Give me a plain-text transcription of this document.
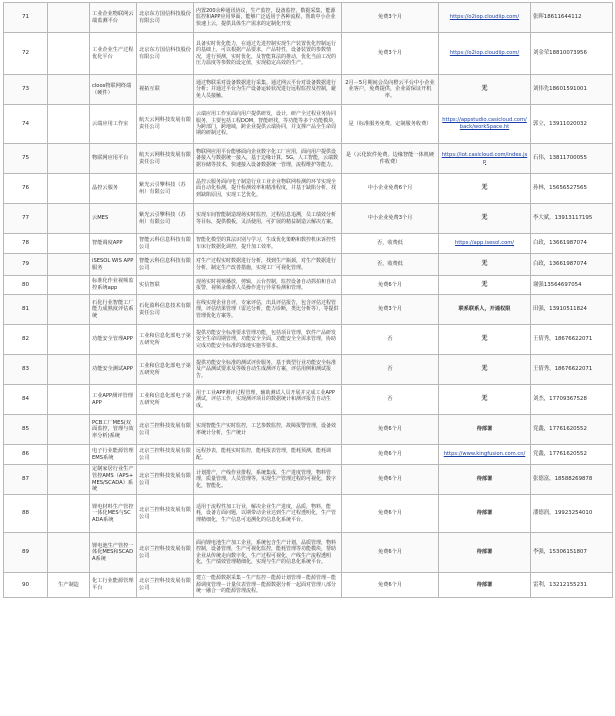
71		工业企业物联网云端监测平台	北京东方国信科技股份有限公司	内置200余种通讯协议，生产监控，设备监控，数据采集，能源监控和APP应用界面，能够广泛适用于各种流程，帮助中小企业快速上云，提供具体生产需求的定制化开发	免费3个月	https://o2iop.cloudiip.com/	张晖18611644112
72		工业企业生产过程优化平台	北京东方国信科技股份有限公司	具备实时优化能力，在通过先进控制实现生产装置优化控制运行的基础上，可以根据产品要求，产品特性，设备装置的参数情况，进行预测，实时优化，及智能算法的推动，优化当前工况的压力温度等参数的设定值，实现稳定高效的生产。	免费3个月	https://o2iop.cloudiip.com/	刘金荣18810073956
73		cloos物联网终端（硬件）	视拓互联	通过物联采对设备数据进行采集。通过网云平台对设备数据进行分析；并通过平台为生产设备运转状况进行远程监控及控制，避免人员接触。	2月－5月期间会员向橙云平台中小企业业客户，免费提供，企业需保证开机率。	无	刘伟先18601591001
74		云端应用工作室	航天云网科技发展有限责任公司	云端应用工作室面向用户提供研发，设计，研产全过程业务协同服务，主要包括工程DOM，智能研找，等功能等多个功能模块，为跨部门，跨地域，跨企业提供云端协同，并支撑产品全生命周期的研制过程。	是（标准服务免费，定制服务收费）	https://appstudio.casicloud.com/back/workSpace.ht	郭立，13911020032
75		物联网应用平台	航天云网科技发展有限责任公司	物联网应用平台能够面向企业数字化工厂应用，面向用户提供设备接入与数据统一接入，基于边缘计算，5G，人工智能，云端数据存储等技术，快速接入设备数据统一管理，流程维护等能力。	是（云化软件免费，边缘智能一体机硬件收费）	https://iot.casicloud.com/index.jsp	石伟，13811700055
76		晶控云服务	紫光云引擎科技（苏州）有限公司	晶控云服务面向电子制造行业工业企业物联网检测的环节实现全面自动化检测，提升检测效率和精准程度，并基于缺陷分析，找到缺陷原因，实现工艺优化。	中小企业免费6个月	无	孙林，15656527565
77		云MES	紫光云引擎科技（苏州）有限公司	实现车间智能制造现场实时监控，过程信息追溯，员工绩效分析等目标，提供模板，灵活使用，可扩展的精益制造云解决方案。	中小企业免费3个月	无	李大斌，13913117195
78		智能调度APP	智能云科信息科技有限公司	智能化模型的算法识别与学习，生成优化策略和数控机床诉控性车床行数据化调控，提升加工效率。	否，收费低	https://app.isesol.com/	白政，13661987074
79		iSESOL WIS APP服务	智能云科信息科技有限公司	对生产过程实时数据进行分析，找到生产瓶颈，对生产数据进行分析，制定生产改善措施，实现工厂可视化管理。	否，收费低	无	白政，13661987074
80		标准化作业视频监控系统app	实信智联	现场实时视频播放，剪辑，云台控制，监控设备自动抓拍和自动报警，视频录像供人员操作进行异常检测和管理。	免费6个月	无	谢强13564697054
81		石化行业智能工厂能力成熟度评估系统	石化盈科信息技术有限责任公司	在线实现企业自评，专家评估，出具评估报告，包含评估过程管理，评估结果管理（雷达分析，能力诊断，类比分析等），等提供管理优化方案等。	免费3个月	联系联系人，开通权限	田强，13910511824
82		功能安全管理APP	工业和信息化部电子第五研究所	提供功能安全标准要求管理功能，包括项目管理，软件产品研发安全生命周期管理，功能安全全面，功能安全全需求管理，协助完成功能安全标准的落地实施等要求。	否	无	王倩秀，18676622071
83		功能安全测试APP	工业和信息化部电子第五研究所	提供功能安全标准的测试评价服务，基于典型行业功能安全标准及产品测试要求及等级自动生成测评方案，评估用例和测试报告。	否	无	王倩秀，18676622071
84		工业APP测评管理APP	工业和信息化部电子第五研究所	用于工业APP测评过程管理，辅助测试人员开展并完成工业APP测试，评估工作，实现测评项目的数据统计和测评报告自动生成。	否	无	刘杰，17709367528
85		PCB工厂MES(双面监控，管理与效率分析)系统	北京兰控科技发展有限公司	实现智能生产实时监控，工艺参数监控，故障报警管理，设备效率统计分析，生产统计	免费6个月	待部署	党鑫，17761620552
86		电子行业能源管理EMS系统	北京兰控科技发展有限公司	远程抄表，能耗实时监控，能耗报表管理，能耗预测，能耗调配。	免费6个月	https://www.kingfusion.com.cn/	党鑫，17761620552
87		定制家居行业生产管控AMS（APS+MES/SCADA）系统	北京兰控科技发展有限公司	计划排产，产线作业排程，系统集成，生产进度管理，物料管理，质量管理，人员管理等，实现生产管理过程的可视化，数字化，智能化。	免费6个月	待部署	张德富，18588269878
88		锂电材料生产管控一体化MES与SCADA系统	北京兰控科技发展有限公司	适用于流程性加工行业，解决企业生产进度，品质，物料，能耗，设备方面问题，以期带动企业达到生产过程透明化，生产管理精细化，生产信息可追溯化的信息化系统平台。	免费6个月	待部署	潘德润，19923254010
89		锂电池生产管控一体化MES和SCADA系统	北京兰控科技发展有限公司	面向锂电池生产加工企业，系统包含生产计划，品质管理，物料控制，设备管理，生产可视化监控，能耗管理等功能模块，帮助企业从传统走向数字化，生产过程可视化，产线生产流程透明化，生产绩效管理精细化，实现与生产的信息化系统平台。	免费6个月	待部署	李强，15306151807
90	生产制造	化工行业能源管理平台	北京兰控科技发展有限公司	建立一能源数据采集－生产监控－能源计划管理－能源管理－能源调度管理－计量仪表管理－能源数据分析一起面对管理八部分统一融合一的能源管理流程。	免费6个月	待部署	雷利，13212155231
